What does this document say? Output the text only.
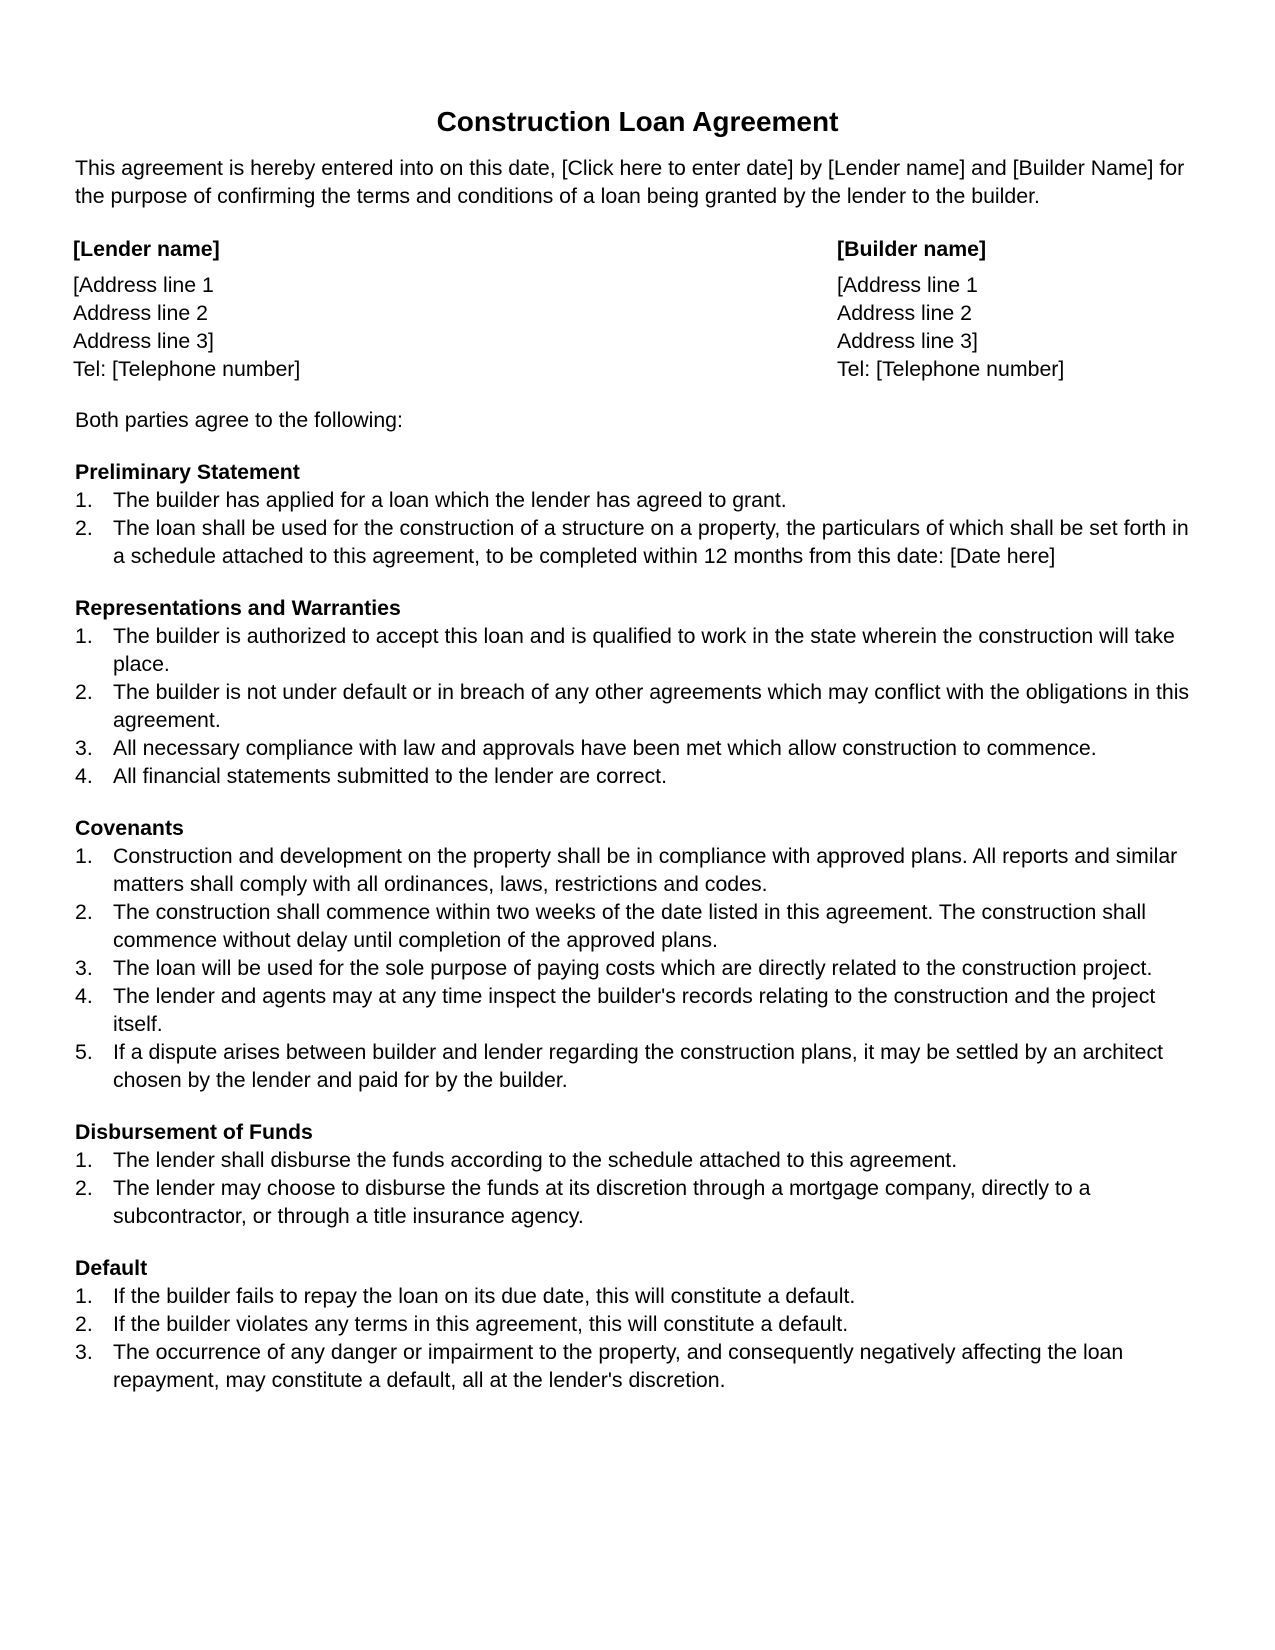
Construction Loan Agreement

This agreement is hereby entered into on this date, [Click here to enter date] by [Lender name] and [Builder Name] for the purpose of confirming the terms and conditions of a loan being granted by the lender to the builder.

[Lender name]
[Address line 1
Address line 2
Address line 3]
Tel: [Telephone number]
[Builder name]
[Address line 1
Address line 2
Address line 3]
Tel: [Telephone number]

Both parties agree to the following:

Preliminary Statement
1. The builder has applied for a loan which the lender has agreed to grant.
2. The loan shall be used for the construction of a structure on a property, the particulars of which shall be set forth in a schedule attached to this agreement, to be completed within 12 months from this date: [Date here]
Representations and Warranties
1. The builder is authorized to accept this loan and is qualified to work in the state wherein the construction will take place.
2. The builder is not under default or in breach of any other agreements which may conflict with the obligations in this agreement.
3. All necessary compliance with law and approvals have been met which allow construction to commence.
4. All financial statements submitted to the lender are correct.
Covenants
1. Construction and development on the property shall be in compliance with approved plans. All reports and similar matters shall comply with all ordinances, laws, restrictions and codes.
2. The construction shall commence within two weeks of the date listed in this agreement. The construction shall commence without delay until completion of the approved plans.
3. The loan will be used for the sole purpose of paying costs which are directly related to the construction project.
4. The lender and agents may at any time inspect the builder's records relating to the construction and the project itself.
5. If a dispute arises between builder and lender regarding the construction plans, it may be settled by an architect chosen by the lender and paid for by the builder.
Disbursement of Funds
1. The lender shall disburse the funds according to the schedule attached to this agreement.
2. The lender may choose to disburse the funds at its discretion through a mortgage company, directly to a subcontractor, or through a title insurance agency.
Default
1. If the builder fails to repay the loan on its due date, this will constitute a default.
2. If the builder violates any terms in this agreement, this will constitute a default.
3. The occurrence of any danger or impairment to the property, and consequently negatively affecting the loan repayment, may constitute a default, all at the lender's discretion.
